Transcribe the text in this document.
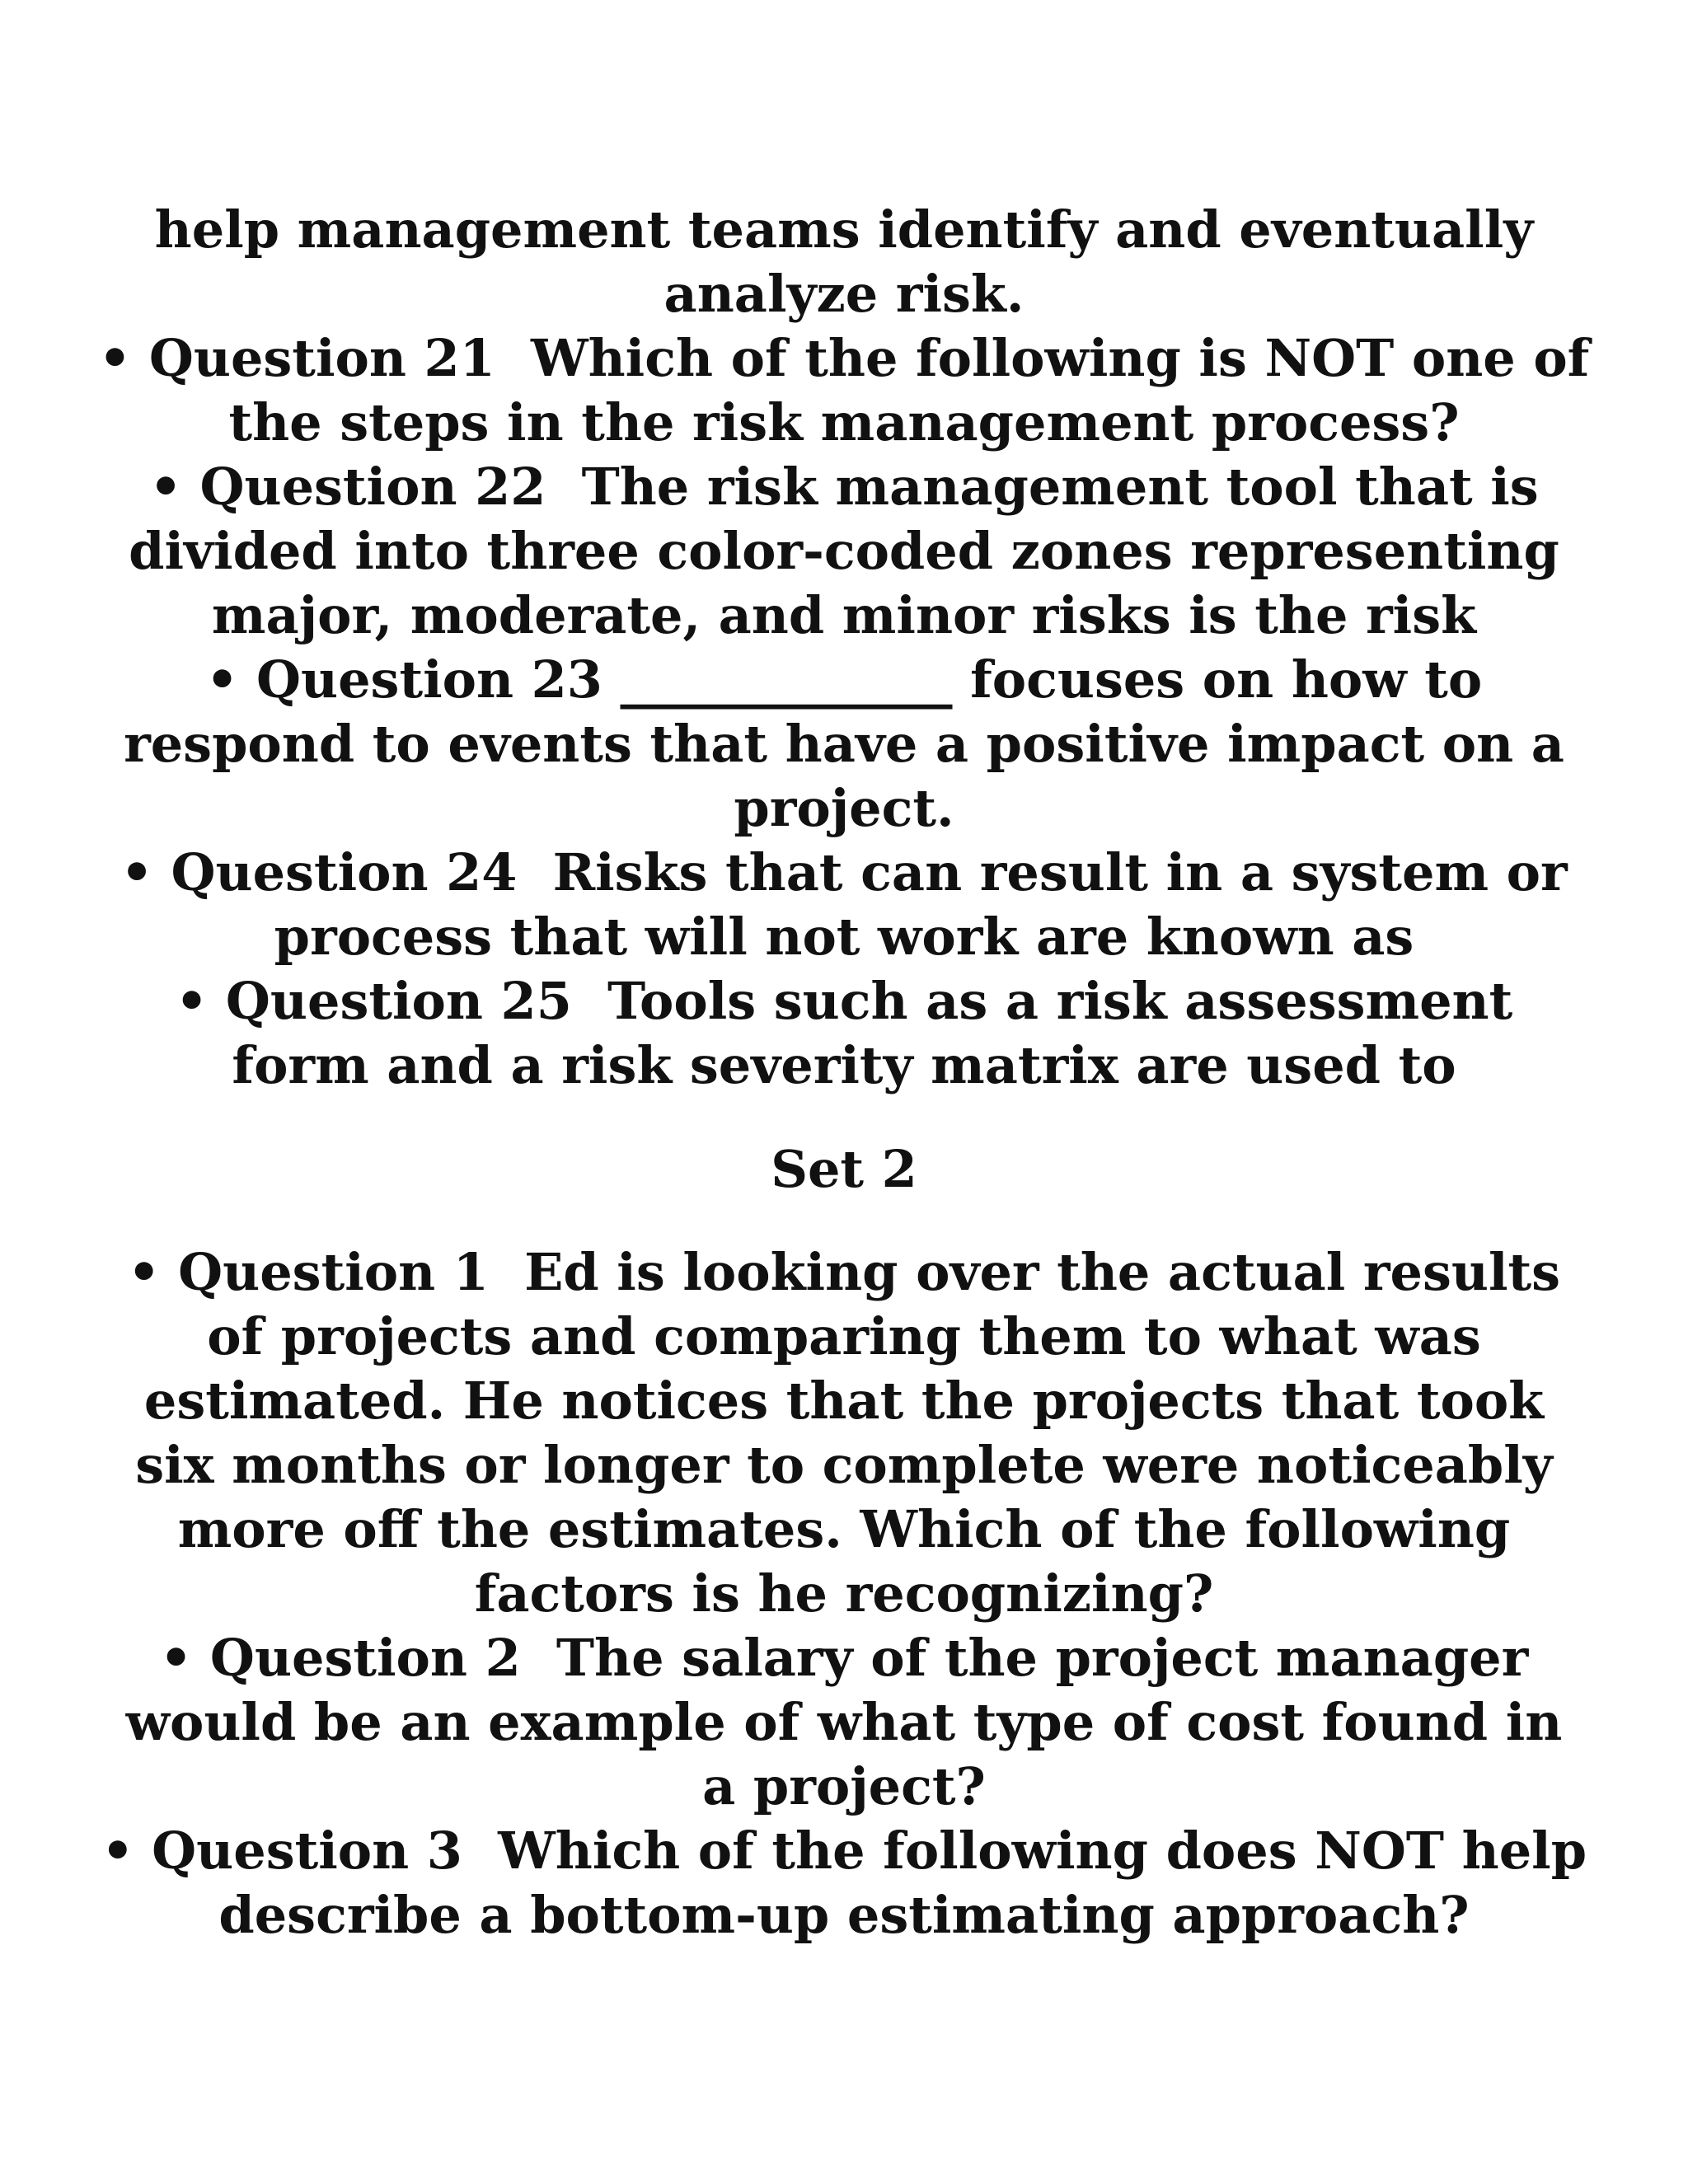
help management teams identify and eventually
analyze risk.
• Question 21  Which of the following is NOT one of
the steps in the risk management process?
• Question 22  The risk management tool that is
divided into three color-coded zones representing
major, moderate, and minor risks is the risk
• Question 23 _____________ focuses on how to
respond to events that have a positive impact on a
project.
• Question 24  Risks that can result in a system or
process that will not work are known as
• Question 25  Tools such as a risk assessment
form and a risk severity matrix are used to
Set 2
• Question 1  Ed is looking over the actual results
of projects and comparing them to what was
estimated. He notices that the projects that took
six months or longer to complete were noticeably
more off the estimates. Which of the following
factors is he recognizing?
• Question 2  The salary of the project manager
would be an example of what type of cost found in
a project?
• Question 3  Which of the following does NOT help
describe a bottom-up estimating approach?
